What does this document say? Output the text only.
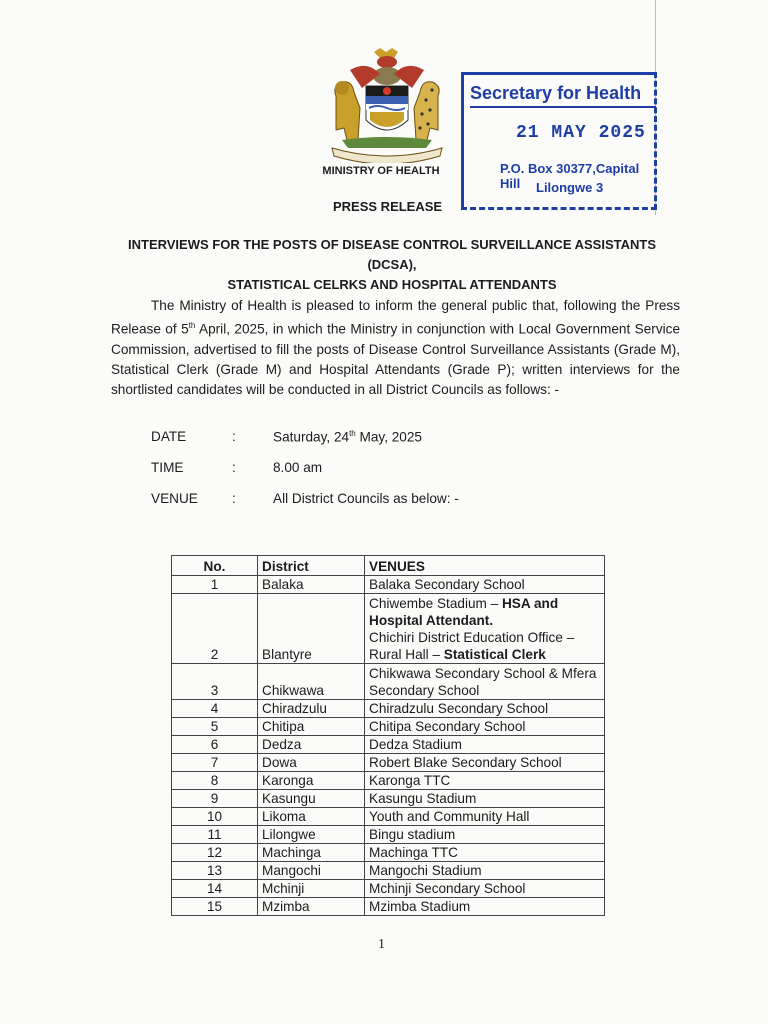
MINISTRY OF HEALTH
PRESS RELEASE
Secretary for Health
21 MAY 2025
P.O. Box 30377,Capital Hill	Lilongwe 3
INTERVIEWS FOR THE POSTS OF DISEASE CONTROL SURVEILLANCE ASSISTANTS (DCSA),
STATISTICAL CELRKS AND HOSPITAL ATTENDANTS
The Ministry of Health is pleased to inform the general public that, following the Press Release of 5th April, 2025, in which the Ministry in conjunction with Local Government Service Commission, advertised to fill the posts of Disease Control Surveillance Assistants (Grade M), Statistical Clerk (Grade M) and Hospital Attendants (Grade P); written interviews for the shortlisted candidates will be conducted in all District Councils as follows: -
DATE	:	Saturday, 24th May, 2025
TIME	:	8.00 am
VENUE	:	All District Councils as below: -
No.	District	VENUES
1	Balaka	Balaka Secondary School
2	Blantyre	Chiwembe Stadium – HSA and Hospital Attendant.
Chichiri District Education Office – Rural Hall – Statistical Clerk
3	Chikwawa	Chikwawa Secondary School & Mfera Secondary School
4	Chiradzulu	Chiradzulu Secondary School
5	Chitipa	Chitipa Secondary School
6	Dedza	Dedza Stadium
7	Dowa	Robert Blake Secondary School
8	Karonga	Karonga TTC
9	Kasungu	Kasungu Stadium
10	Likoma	Youth and Community Hall
11	Lilongwe	Bingu stadium
12	Machinga	Machinga TTC
13	Mangochi	Mangochi Stadium
14	Mchinji	Mchinji Secondary School
15	Mzimba	Mzimba Stadium
1
